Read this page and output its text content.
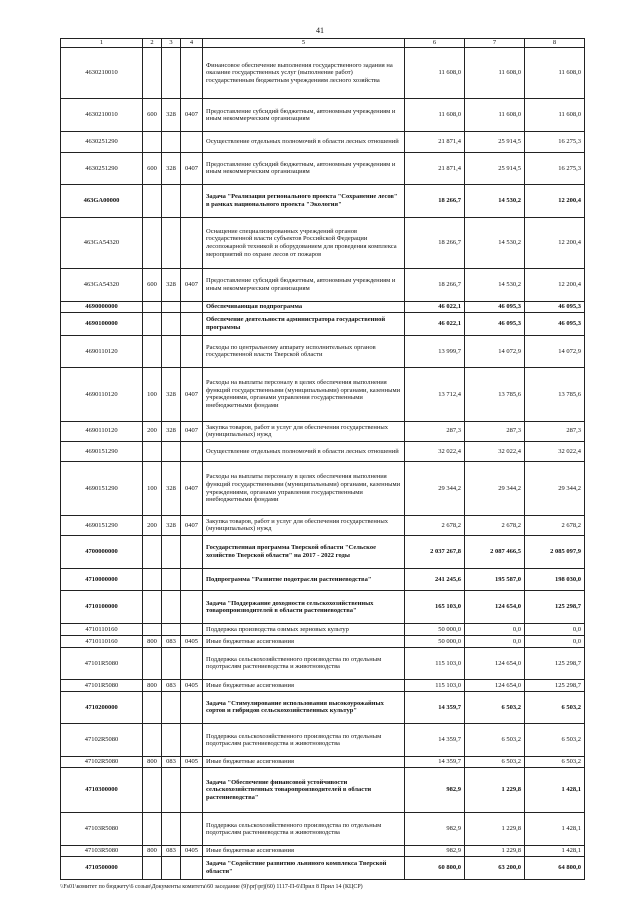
41
1	2	3	4	5	6	7	8
4630210010				Финансовое обеспечение выполнения государственного задания на оказание государственных услуг (выполнение работ) государственным бюджетным учреждениям лесного хозяйства	11 608,0	11 608,0	11 608,0
4630210010	600	328	0407	Предоставление субсидий бюджетным, автономным учреждениям и иным некоммерческим организациям	11 608,0	11 608,0	11 608,0
4630251290				Осуществление отдельных полномочий в области лесных отношений	21 871,4	25 914,5	16 275,3
4630251290	600	328	0407	Предоставление субсидий бюджетным, автономным учреждениям и иным некоммерческим организациям	21 871,4	25 914,5	16 275,3
463GA00000				Задача "Реализация регионального проекта "Сохранение лесов" в рамках национального проекта "Экология"	18 266,7	14 530,2	12 200,4
463GA54320				Оснащение специализированных учреждений органов государственной власти субъектов Российской Федерации лесопожарной техникой и оборудованием для проведения комплекса мероприятий по охране лесов от пожаров	18 266,7	14 530,2	12 200,4
463GA54320	600	328	0407	Предоставление субсидий бюджетным, автономным учреждениям и иным некоммерческим организациям	18 266,7	14 530,2	12 200,4
4690000000				Обеспечивающая подпрограмма	46 022,1	46 095,3	46 095,3
4690100000				Обеспечение деятельности администратора государственной программы	46 022,1	46 095,3	46 095,3
4690110120				Расходы по центральному аппарату исполнительных органов государственной власти Тверской области	13 999,7	14 072,9	14 072,9
4690110120	100	328	0407	Расходы на выплаты персоналу в целях обеспечения выполнения функций государственными (муниципальными) органами, казенными учреждениями, органами управления государственными внебюджетными фондами	13 712,4	13 785,6	13 785,6
4690110120	200	328	0407	Закупка товаров, работ и услуг для обеспечения государственных (муниципальных) нужд	287,3	287,3	287,3
4690151290				Осуществление отдельных полномочий в области лесных отношений	32 022,4	32 022,4	32 022,4
4690151290	100	328	0407	Расходы на выплаты персоналу в целях обеспечения выполнения функций государственными (муниципальными) органами, казенными учреждениями, органами управления государственными внебюджетными фондами	29 344,2	29 344,2	29 344,2
4690151290	200	328	0407	Закупка товаров, работ и услуг для обеспечения государственных (муниципальных) нужд	2 678,2	2 678,2	2 678,2
4700000000				Государственная программа Тверской области "Сельское хозяйство Тверской области" на 2017 - 2022 годы	2 037 267,8	2 087 466,5	2 085 097,9
4710000000				Подпрограмма "Развитие подотрасли растениеводства"	241 245,6	195 587,0	198 030,0
4710100000				Задача "Поддержание доходности сельскохозяйственных товаропроизводителей в области растениеводства"	165 103,0	124 654,0	125 298,7
4710110160				Поддержка производства озимых зерновых культур	50 000,0	0,0	0,0
4710110160	800	083	0405	Иные бюджетные ассигнования	50 000,0	0,0	0,0
47101R5080				Поддержка сельскохозяйственного производства по отдельным подотраслям растениеводства и животноводства	115 103,0	124 654,0	125 298,7
47101R5080	800	083	0405	Иные бюджетные ассигнования	115 103,0	124 654,0	125 298,7
4710200000				Задача "Стимулирование использования высокоурожайных сортов и гибридов сельскохозяйственных культур"	14 359,7	6 503,2	6 503,2
47102R5080				Поддержка сельскохозяйственного производства по отдельным подотраслям растениеводства и животноводства	14 359,7	6 503,2	6 503,2
47102R5080	800	083	0405	Иные бюджетные ассигнования	14 359,7	6 503,2	6 503,2
4710300000				Задача "Обеспечение финансовой устойчивости сельскохозяйственных товаропроизводителей в области растениеводства"	982,9	1 229,8	1 428,1
47103R5080				Поддержка сельскохозяйственного производства по отдельным подотраслям растениеводства и животноводства	982,9	1 229,8	1 428,1
47103R5080	800	083	0405	Иные бюджетные ассигнования	982,9	1 229,8	1 428,1
4710500000				Задача "Содействие развитию льняного комплекса Тверской области"	60 800,0	63 200,0	64 800,0
\\Fs01\комитет по бюджету\6 созыв\Документы комитета\60 заседание (9)\prj\prj(60) 1117-П-6\Прил 8 Прил 14 (КЦСР)
